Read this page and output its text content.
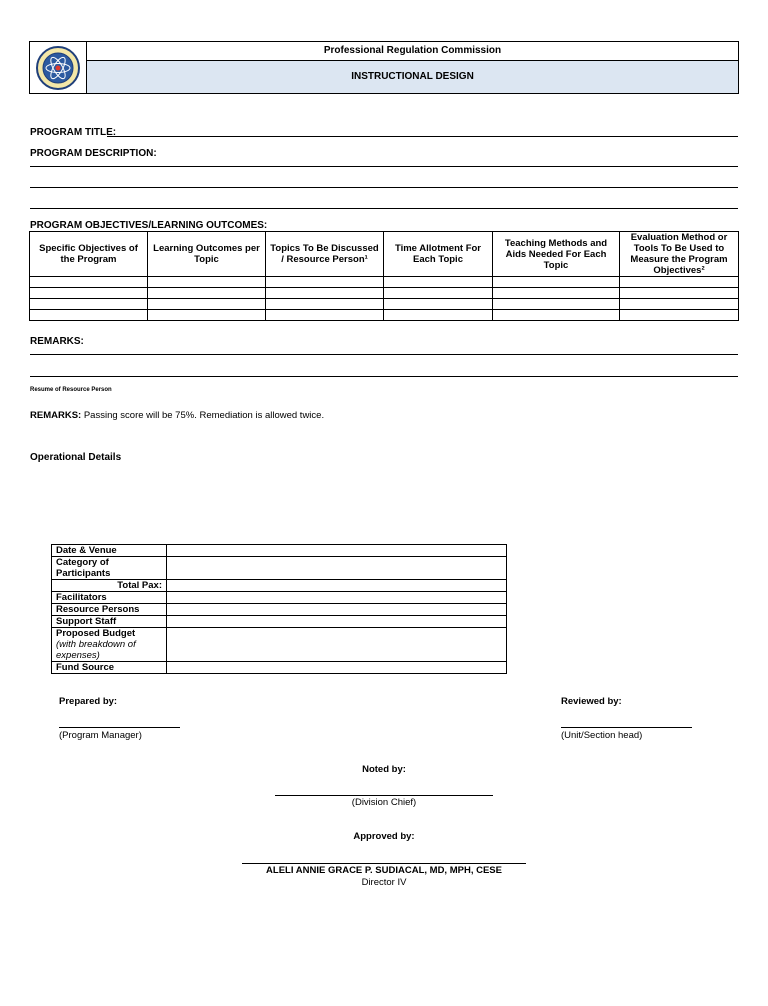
Professional Regulation Commission
INSTRUCTIONAL DESIGN
PROGRAM TITLE:
PROGRAM DESCRIPTION:
PROGRAM OBJECTIVES/LEARNING OUTCOMES:
Specific Objectives of the Program	Learning Outcomes per Topic	Topics To Be Discussed / Resource Person¹	Time Allotment For Each Topic	Teaching Methods and Aids Needed For Each Topic	Evaluation Method or Tools To Be Used to Measure the Program Objectives²

REMARKS:
Resume of Resource Person
REMARKS: Passing score will be 75%. Remediation is allowed twice.
Operational Details
Date & Venue	
Category of Participants	
Total Pax:	
Facilitators	
Resource Persons	
Support Staff	
Proposed Budget
(with breakdown of expenses)	
Fund Source	
Prepared by:
(Program Manager)
Reviewed by:
(Unit/Section head)
Noted by:
(Division Chief)
Approved by:
ALELI ANNIE GRACE P. SUDIACAL, MD, MPH, CESE
Director IV
